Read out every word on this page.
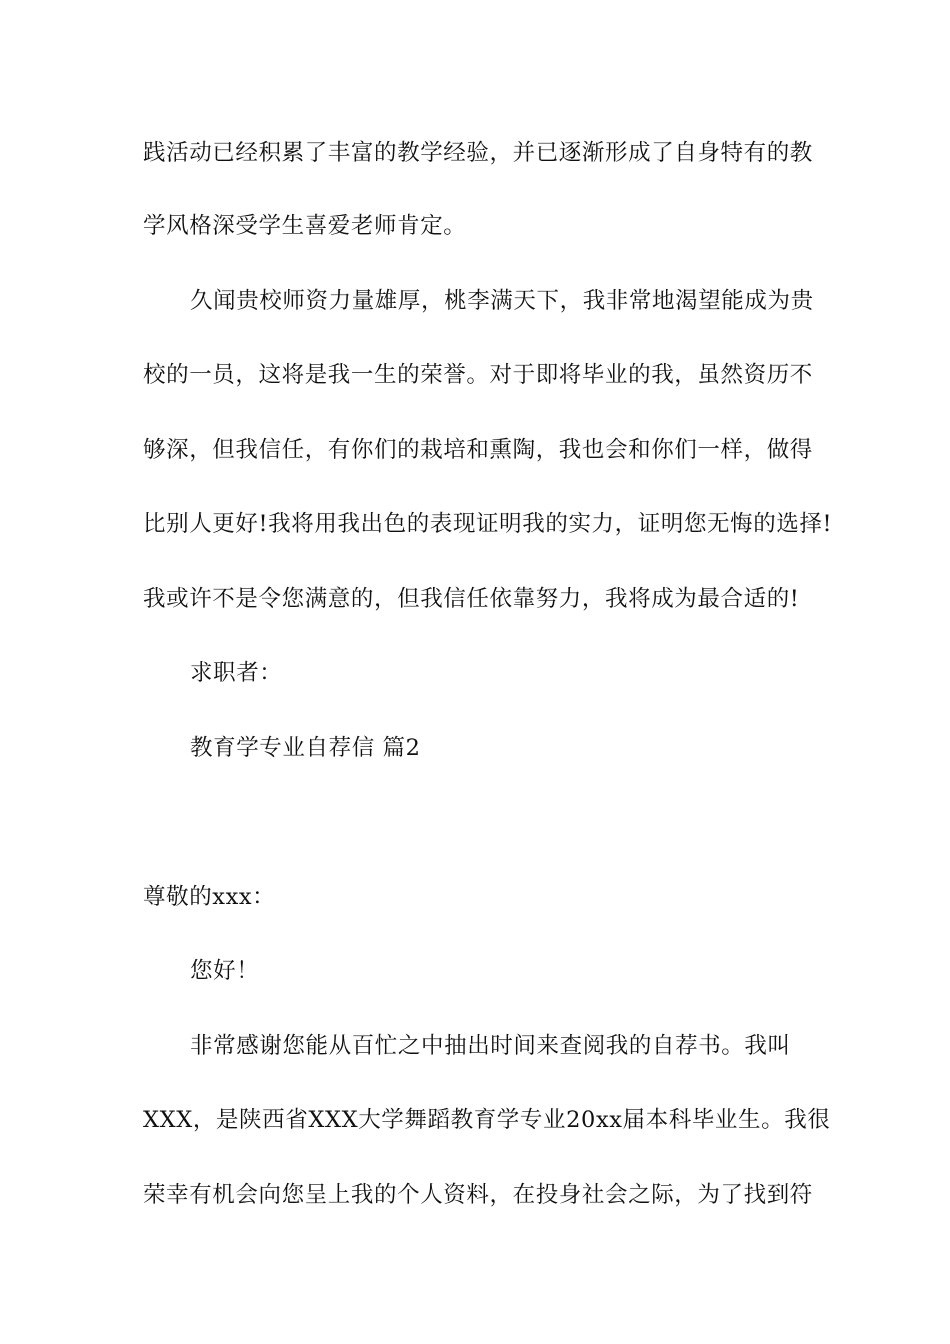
践活动已经积累了丰富的教学经验，并已逐渐形成了自身特有的教
学风格深受学生喜爱老师肯定。
久闻贵校师资力量雄厚，桃李满天下，我非常地渴望能成为贵
校的一员，这将是我一生的荣誉。对于即将毕业的我，虽然资历不
够深，但我信任，有你们的栽培和熏陶，我也会和你们一样，做得
比别人更好!我将用我出色的表现证明我的实力，证明您无悔的选择!
我或许不是令您满意的，但我信任依靠努力，我将成为最合适的!
求职者：
教育学专业自荐信 篇2
尊敬的xxx：
您好！
非常感谢您能从百忙之中抽出时间来查阅我的自荐书。我叫
XXX，是陕西省XXX大学舞蹈教育学专业20xx届本科毕业生。我很
荣幸有机会向您呈上我的个人资料，在投身社会之际，为了找到符
